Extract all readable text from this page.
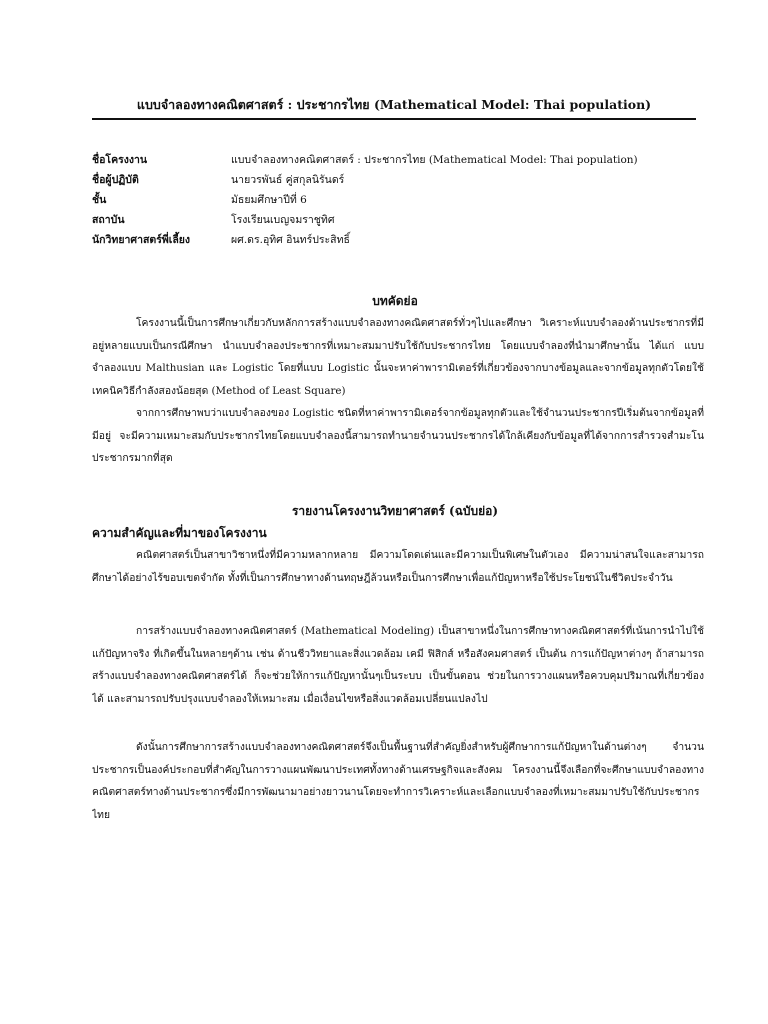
แบบจำลองทางคณิตศาสตร์ : ประชากรไทย (Mathematical Model: Thai population)
ชื่อโครงงาน	แบบจำลองทางคณิตศาสตร์ : ประชากรไทย (Mathematical Model: Thai population)
ชื่อผู้ปฏิบัติ	นายวรพันธ์ คู่สกุลนิรันดร์
ชั้น	มัธยมศึกษาปีที่ 6
สถาบัน	โรงเรียนเบญจมราชูทิศ
นักวิทยาศาสตร์พี่เลี้ยง	ผศ.ดร.อุทิศ อินทร์ประสิทธิ์
บทคัดย่อ

โครงงานนี้เป็นการศึกษาเกี่ยวกับหลักการสร้างแบบจำลองทางคณิตศาสตร์ทั่วๆไปและศึกษา วิเคราะห์แบบจำลองด้านประชากรที่มีอยู่หลายแบบเป็นกรณีศึกษา นำแบบจำลองประชากรที่เหมาะสมมาปรับใช้กับประชากรไทย โดยแบบจำลองที่นำมาศึกษานั้น ได้แก่ แบบจำลองแบบ Malthusian และ Logistic โดยที่แบบ Logistic นั้นจะหาค่าพารามิเตอร์ที่เกี่ยวข้องจากบางข้อมูลและจากข้อมูลทุกตัวโดยใช้เทคนิควิธีกำลังสองน้อยสุด (Method of Least Square)

จากการศึกษาพบว่าแบบจำลองของ Logistic ชนิดที่หาค่าพารามิเตอร์จากข้อมูลทุกตัวและใช้จำนวนประชากรปีเริ่มต้นจากข้อมูลที่มีอยู่ จะมีความเหมาะสมกับประชากรไทยโดยแบบจำลองนี้สามารถทำนายจำนวนประชากรได้ใกล้เคียงกับข้อมูลที่ได้จากการสำรวจสำมะโนประชากรมากที่สุด

รายงานโครงงานวิทยาศาสตร์ (ฉบับย่อ)
ความสำคัญและที่มาของโครงงาน

คณิตศาสตร์เป็นสาขาวิชาหนึ่งที่มีความหลากหลาย มีความโดดเด่นและมีความเป็นพิเศษในตัวเอง มีความน่าสนใจและสามารถศึกษาได้อย่างไร้ขอบเขตจำกัด ทั้งที่เป็นการศึกษาทางด้านทฤษฎีล้วนหรือเป็นการศึกษาเพื่อแก้ปัญหาหรือใช้ประโยชน์ในชีวิตประจำวัน

การสร้างแบบจำลองทางคณิตศาสตร์ (Mathematical Modeling) เป็นสาขาหนึ่งในการศึกษาทางคณิตศาสตร์ที่เน้นการนำไปใช้แก้ปัญหาจริง ที่เกิดขึ้นในหลายๆด้าน เช่น ด้านชีววิทยาและสิ่งแวดล้อม เคมี ฟิสิกส์ หรือสังคมศาสตร์ เป็นต้น การแก้ปัญหาต่างๆ ถ้าสามารถสร้างแบบจำลองทางคณิตศาสตร์ได้ ก็จะช่วยให้การแก้ปัญหานั้นๆเป็นระบบ เป็นขั้นตอน ช่วยในการวางแผนหรือควบคุมปริมาณที่เกี่ยวข้องได้ และสามารถปรับปรุงแบบจำลองให้เหมาะสม เมื่อเงื่อนไขหรือสิ่งแวดล้อมเปลี่ยนแปลงไป

ดังนั้นการศึกษาการสร้างแบบจำลองทางคณิตศาสตร์จึงเป็นพื้นฐานที่สำคัญยิ่งสำหรับผู้ศึกษาการแก้ปัญหาในด้านต่างๆ จำนวนประชากรเป็นองค์ประกอบที่สำคัญในการวางแผนพัฒนาประเทศทั้งทางด้านเศรษฐกิจและสังคม โครงงานนี้จึงเลือกที่จะศึกษาแบบจำลองทางคณิตศาสตร์ทางด้านประชากรซึ่งมีการพัฒนามาอย่างยาวนานโดยจะทำการวิเคราะห์และเลือกแบบจำลองที่เหมาะสมมาปรับใช้กับประชากรไทย
